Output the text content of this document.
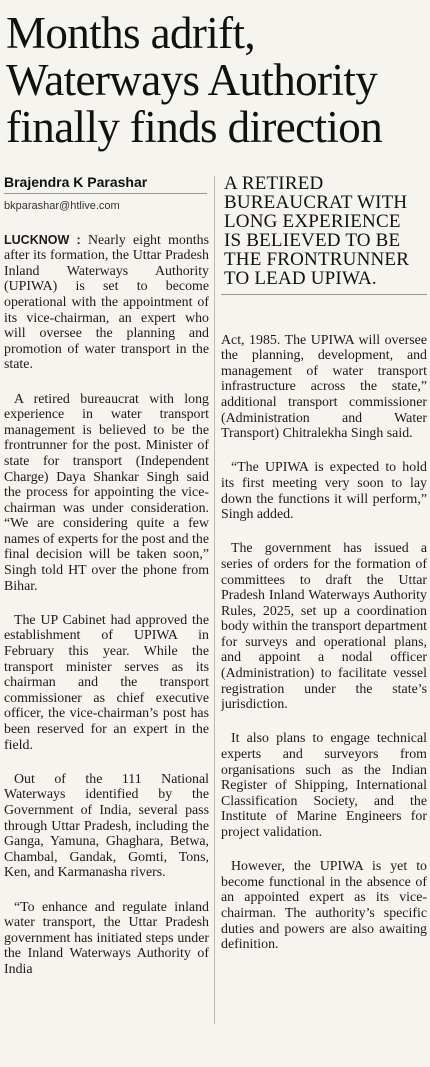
Months adrift,
Waterways Authority
finally finds direction
Brajendra K Parashar
bkparashar@htlive.com

LUCKNOW : Nearly eight months after its formation, the Uttar Pradesh Inland Waterways Authority (UPIWA) is set to become operational with the appointment of its vice-chairman, an expert who will oversee the planning and promotion of water transport in the state.

A retired bureaucrat with long experience in water transport management is believed to be the frontrunner for the post. Minister of state for transport (Independent Charge) Daya Shankar Singh said the process for appointing the vice-chairman was under consideration. “We are considering quite a few names of experts for the post and the final decision will be taken soon,” Singh told HT over the phone from Bihar.

The UP Cabinet had approved the establishment of UPIWA in February this year. While the transport minister serves as its chairman and the transport commissioner as chief executive officer, the vice-chairman’s post has been reserved for an expert in the field.

Out of the 111 National Waterways identified by the Government of India, several pass through Uttar Pradesh, including the Ganga, Yamuna, Ghaghara, Betwa, Chambal, Gandak, Gomti, Tons, Ken, and Karmanasha rivers.

“To enhance and regulate inland water transport, the Uttar Pradesh government has initiated steps under the Inland Waterways Authority of India

A RETIRED
BUREAUCRAT WITH
LONG EXPERIENCE
IS BELIEVED TO BE
THE FRONTRUNNER
TO LEAD UPIWA.

Act, 1985. The UPIWA will oversee the planning, development, and management of water transport infrastructure across the state,” additional transport commissioner (Administration and Water Transport) Chitralekha Singh said.

“The UPIWA is expected to hold its first meeting very soon to lay down the functions it will perform,” Singh added.

The government has issued a series of orders for the formation of committees to draft the Uttar Pradesh Inland Waterways Authority Rules, 2025, set up a coordination body within the transport department for surveys and operational plans, and appoint a nodal officer (Administration) to facilitate vessel registration under the state’s jurisdiction.

It also plans to engage technical experts and surveyors from organisations such as the Indian Register of Shipping, International Classification Society, and the Institute of Marine Engineers for project validation.

However, the UPIWA is yet to become functional in the absence of an appointed expert as its vice-chairman. The authority’s specific duties and powers are also awaiting definition.
